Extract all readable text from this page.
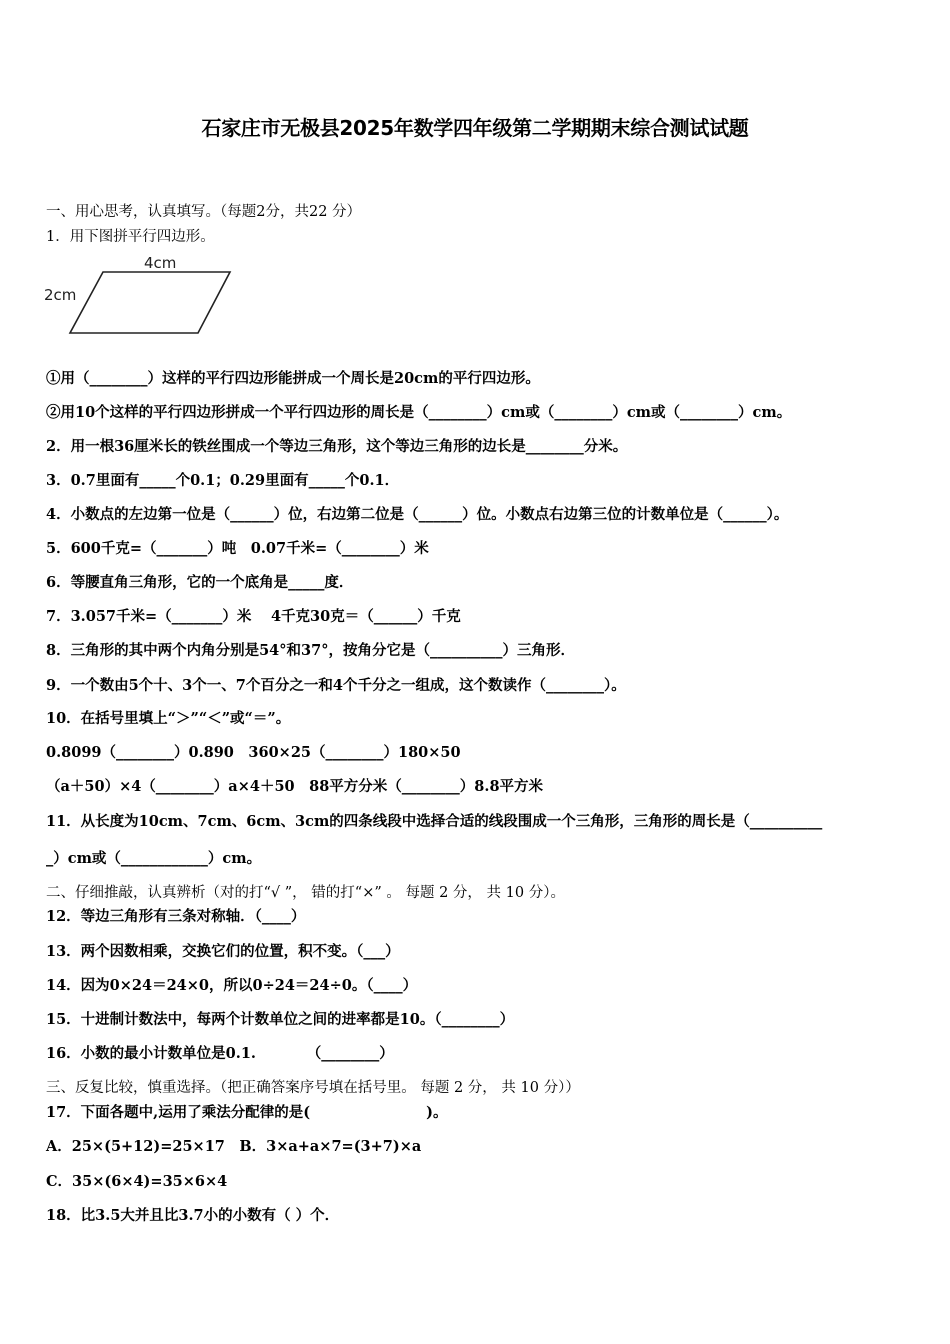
石家庄市无极县2025年数学四年级第二学期期末综合测试试题
一、用心思考，认真填写。（每题2分，共22 分）
1．用下图拼平行四边形。
4cm
2cm
①用（________）这样的平行四边形能拼成一个周长是20cm的平行四边形。
②用10个这样的平行四边形拼成一个平行四边形的周长是（________）cm或（________）cm或（________）cm。
2．用一根36厘米长的铁丝围成一个等边三角形，这个等边三角形的边长是________分米。
3．0.7里面有_____个0.1；0.29里面有_____个0.1．
4．小数点的左边第一位是（______）位，右边第二位是（______）位。小数点右边第三位的计数单位是（______）。
5．600千克=（_______）吨　0.07千米=（________）米
6．等腰直角三角形，它的一个底角是_____度．
7．3.057千米=（_______）米　 4千克30克＝（______）千克
8．三角形的其中两个内角分别是54°和37°，按角分它是（__________）三角形．
9．一个数由5个十、3个一、7个百分之一和4个千分之一组成，这个数读作（________）。
10．在括号里填上“＞”“＜”或“＝”。
0.8099（________）0.890　360×25（________）180×50
（a＋50）×4（________）a×4＋50　88平方分米（________）8.8平方米
11．从长度为10cm、7cm、6cm、3cm的四条线段中选择合适的线段围成一个三角形，三角形的周长是（__________
_）cm或（____________）cm。
二、仔细推敲，认真辨析（对的打“√ ”， 错的打“×” 。 每题 2 分， 共 10 分）。
12．等边三角形有三条对称轴．（____）
13．两个因数相乘，交换它们的位置，积不变。（___）
14．因为0×24＝24×0，所以0÷24＝24÷0。（____）
15．十进制计数法中，每两个计数单位之间的进率都是10。（________）
16．小数的最小计数单位是0.1.　　　　（________）
三、反复比较，慎重选择。（把正确答案序号填在括号里。 每题 2 分， 共 10 分））
17．下面各题中,运用了乘法分配律的是(　　　　　　　　)。
A．25×(5+12)=25×17　B．3×a+a×7=(3+7)×a
C．35×(6×4)=35×6×4
18．比3.5大并且比3.7小的小数有（ ）个．
